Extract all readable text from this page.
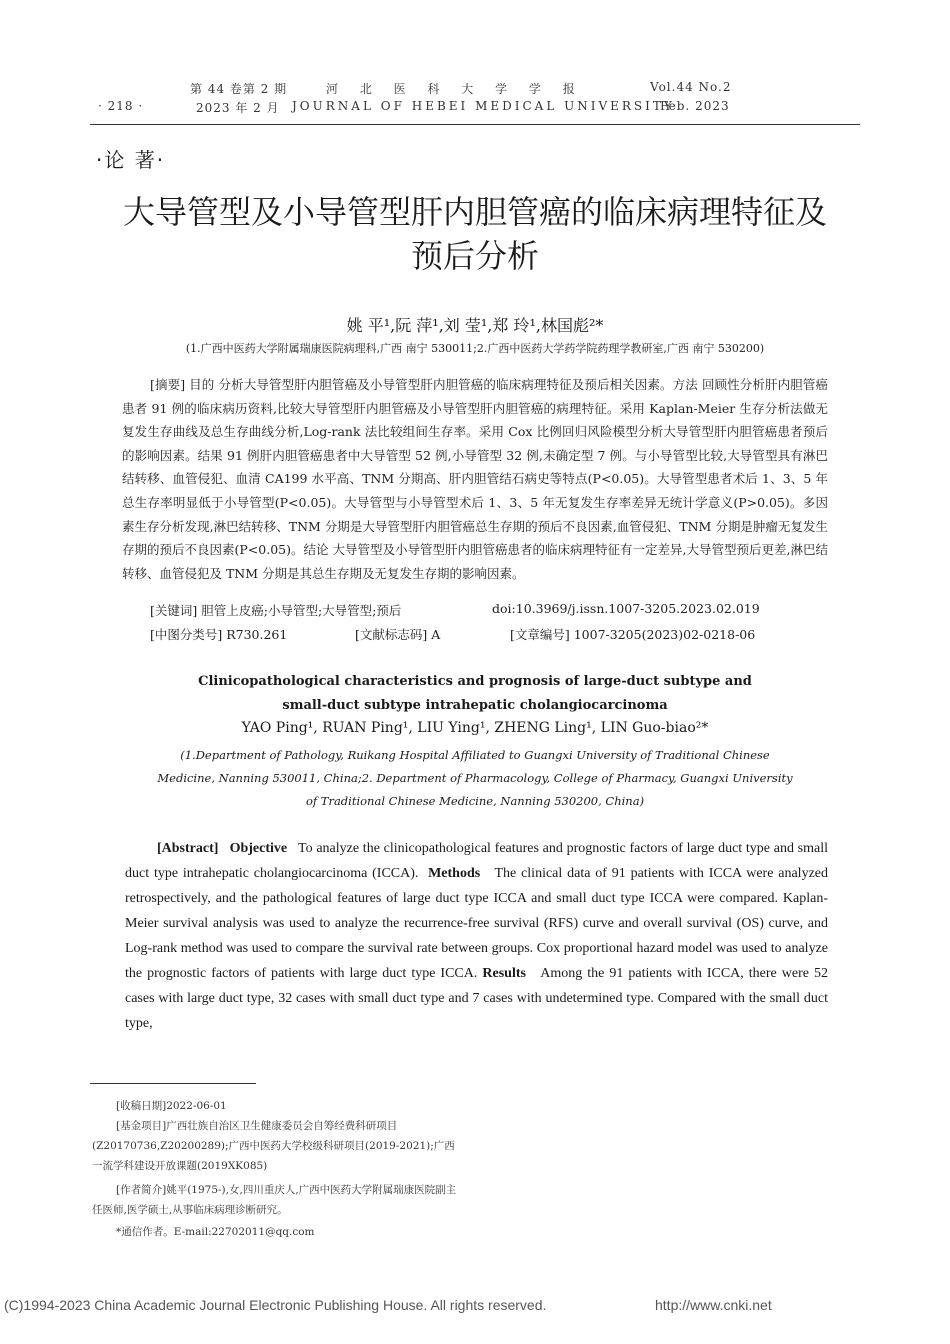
· 218 ·
第 44 卷第 2 期
2023 年 2 月
河 北 医 科 大 学 学 报
JOURNAL OF HEBEI MEDICAL UNIVERSITY
Vol.44 No.2
Feb. 2023
·论 著·
大导管型及小导管型肝内胆管癌的临床病理特征及
预后分析
姚 平¹,阮 萍¹,刘 莹¹,郑 玲¹,林国彪²*
(1.广西中医药大学附属瑞康医院病理科,广西 南宁 530011;2.广西中医药大学药学院药理学教研室,广西 南宁 530200)
[摘要] 目的 分析大导管型肝内胆管癌及小导管型肝内胆管癌的临床病理特征及预后相关因素。方法 回顾性分析肝内胆管癌患者 91 例的临床病历资料,比较大导管型肝内胆管癌及小导管型肝内胆管癌的病理特征。采用 Kaplan-Meier 生存分析法做无复发生存曲线及总生存曲线分析,Log-rank 法比较组间生存率。采用 Cox 比例回归风险模型分析大导管型肝内胆管癌患者预后的影响因素。结果 91 例肝内胆管癌患者中大导管型 52 例,小导管型 32 例,未确定型 7 例。与小导管型比较,大导管型具有淋巴结转移、血管侵犯、血清 CA199 水平高、TNM 分期高、肝内胆管结石病史等特点(P<0.05)。大导管型患者术后 1、3、5 年总生存率明显低于小导管型(P<0.05)。大导管型与小导管型术后 1、3、5 年无复发生存率差异无统计学意义(P>0.05)。多因素生存分析发现,淋巴结转移、TNM 分期是大导管型肝内胆管癌总生存期的预后不良因素,血管侵犯、TNM 分期是肿瘤无复发生存期的预后不良因素(P<0.05)。结论 大导管型及小导管型肝内胆管癌患者的临床病理特征有一定差异,大导管型预后更差,淋巴结转移、血管侵犯及 TNM 分期是其总生存期及无复发生存期的影响因素。
[关键词] 胆管上皮癌;小导管型;大导管型;预后	doi:10.3969/j.issn.1007-3205.2023.02.019
[中图分类号] R730.261	[文献标志码] A	[文章编号] 1007-3205(2023)02-0218-06
Clinicopathological characteristics and prognosis of large-duct subtype and
small-duct subtype intrahepatic cholangiocarcinoma
YAO Ping¹, RUAN Ping¹, LIU Ying¹, ZHENG Ling¹, LIN Guo-biao²*
(1.Department of Pathology, Ruikang Hospital Affiliated to Guangxi University of Traditional Chinese Medicine, Nanning 530011, China;2. Department of Pharmacology, College of Pharmacy, Guangxi University of Traditional Chinese Medicine, Nanning 530200, China)
[Abstract] Objective To analyze the clinicopathological features and prognostic factors of large duct type and small duct type intrahepatic cholangiocarcinoma (ICCA). Methods The clinical data of 91 patients with ICCA were analyzed retrospectively, and the pathological features of large duct type ICCA and small duct type ICCA were compared. Kaplan-Meier survival analysis was used to analyze the recurrence-free survival (RFS) curve and overall survival (OS) curve, and Log-rank method was used to compare the survival rate between groups. Cox proportional hazard model was used to analyze the prognostic factors of patients with large duct type ICCA. Results Among the 91 patients with ICCA, there were 52 cases with large duct type, 32 cases with small duct type and 7 cases with undetermined type. Compared with the small duct type,
[收稿日期]2022-06-01
[基金项目]广西壮族自治区卫生健康委员会自筹经费科研项目(Z20170736,Z20200289);广西中医药大学校级科研项目(2019-2021);广西一流学科建设开放课题(2019XK085)
[作者简介]姚平(1975-),女,四川重庆人,广西中医药大学附属瑞康医院副主任医师,医学硕士,从事临床病理诊断研究。
*通信作者。E-mail:22702011@qq.com
(C)1994-2023 China Academic Journal Electronic Publishing House. All rights reserved.	http://www.cnki.net
